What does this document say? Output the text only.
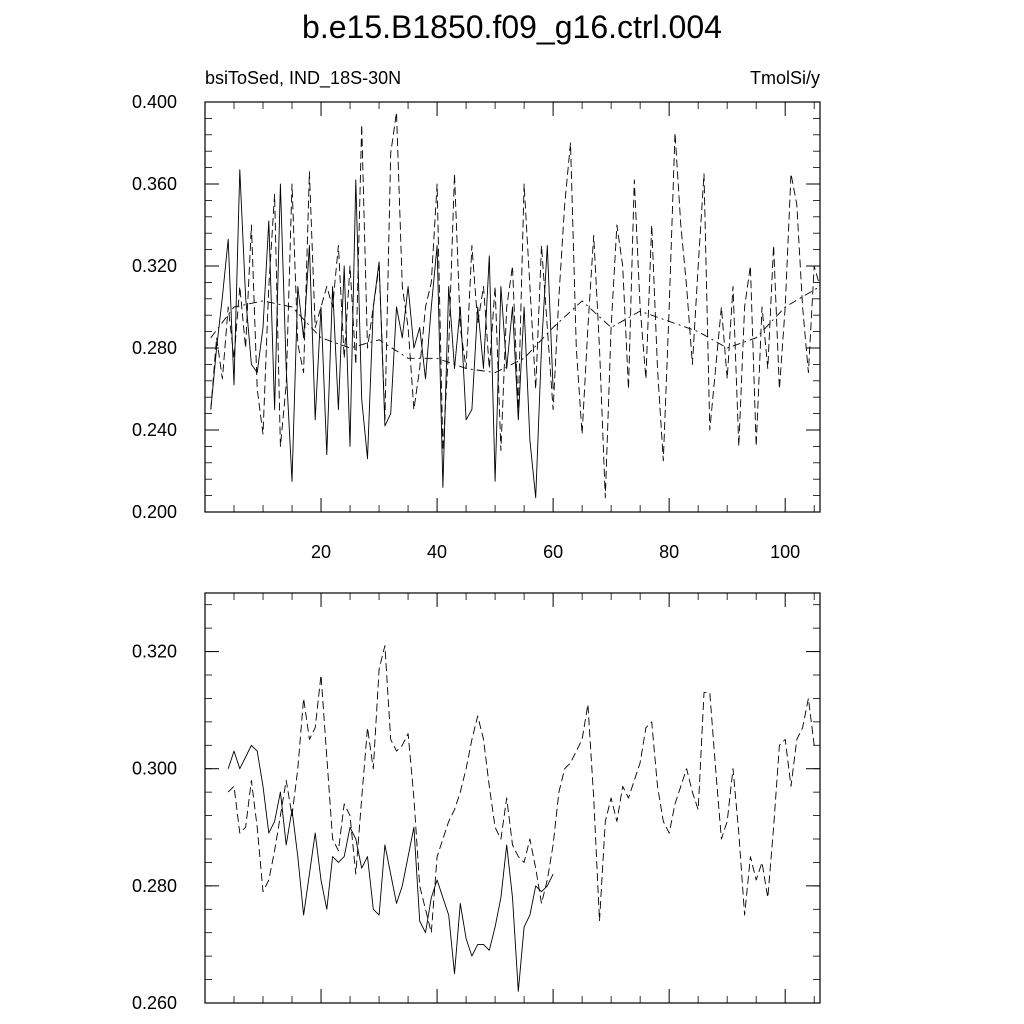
b.e15.B1850.f09_g16.ctrl.004
bsiToSed, IND_18S-30N	TmolSi/y
0.200
0.240
0.280
0.320
0.360
0.400
20	40	60	80	100
0.260
0.280
0.300
0.320
